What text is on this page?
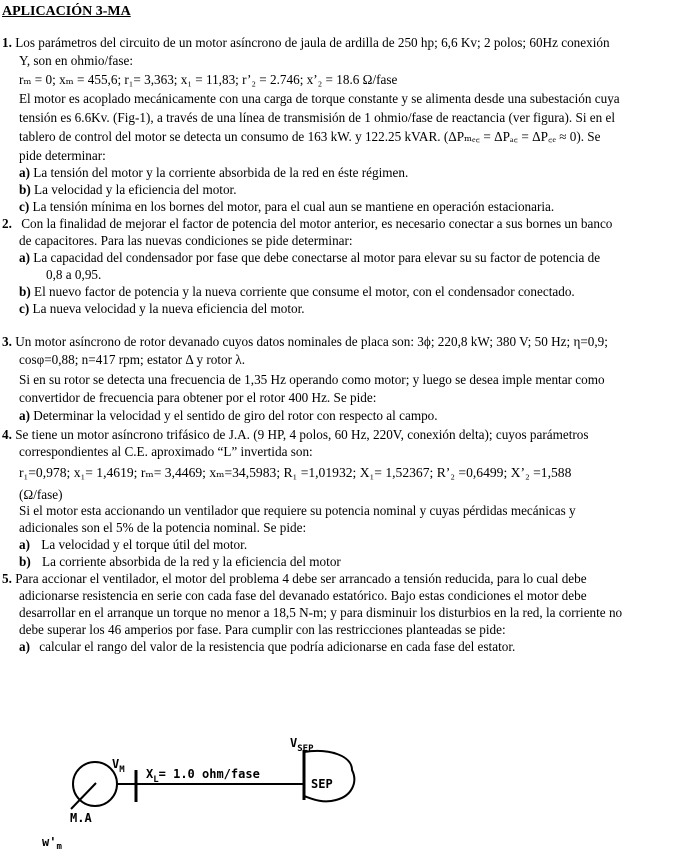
APLICACIÓN 3-MA
1. Los parámetros del circuito de un motor asíncrono de jaula de ardilla de 250 hp; 6,6 Kv; 2 polos; 60Hz conexión
Y, son en ohmio/fase:
rₘ = 0; xₘ = 455,6; r₁= 3,363; x₁ = 11,83; r’₂ = 2.746; x’₂ = 18.6 Ω/fase
El motor es acoplado mecánicamente con una carga de torque constante y se alimenta desde una subestación cuya
tensión es 6.6Kv. (Fig-1), a través de una línea de transmisión de 1 ohmio/fase de reactancia (ver figura). Si en el
tablero de control del motor se detecta un consumo de 163 kW. y 122.25 kVAR. (ΔPₘₑ꜀ = ΔPₐ꜀ = ΔP꜀ₑ ≈ 0). Se
pide determinar:
a) La tensión del motor y la corriente absorbida de la red en éste régimen.
b) La velocidad y la eficiencia del motor.
c) La tensión mínima en los bornes del motor, para el cual aun se mantiene en operación estacionaria.
2. Con la finalidad de mejorar el factor de potencia del motor anterior, es necesario conectar a sus bornes un banco
de capacitores. Para las nuevas condiciones se pide determinar:
a) La capacidad del condensador por fase que debe conectarse al motor para elevar su su factor de potencia de
0,8 a 0,95.
b) El nuevo factor de potencia y la nueva corriente que consume el motor, con el condensador conectado.
c) La nueva velocidad y la nueva eficiencia del motor.
3. Un motor asíncrono de rotor devanado cuyos datos nominales de placa son: 3ϕ; 220,8 kW; 380 V; 50 Hz; η=0,9;
cosφ=0,88; n=417 rpm; estator Δ y rotor λ.
Si en su rotor se detecta una frecuencia de 1,35 Hz operando como motor; y luego se desea imple mentar como
convertidor de frecuencia para obtener por el rotor 400 Hz. Se pide:
a) Determinar la velocidad y el sentido de giro del rotor con respecto al campo.
4. Se tiene un motor asíncrono trifásico de J.A. (9 HP, 4 polos, 60 Hz, 220V, conexión delta); cuyos parámetros
correspondientes al C.E. aproximado “L” invertida son:
r₁=0,978; x₁= 1,4619; rₘ= 3,4469; xₘ=34,5983; R₁ =1,01932; X₁= 1,52367; R’₂ =0,6499; X’₂ =1,588
(Ω/fase)
Si el motor esta accionando un ventilador que requiere su potencia nominal y cuyas pérdidas mecánicas y
adicionales son el 5% de la potencia nominal. Se pide:
a) La velocidad y el torque útil del motor.
b) La corriente absorbida de la red y la eficiencia del motor
5. Para accionar el ventilador, el motor del problema 4 debe ser arrancado a tensión reducida, para lo cual debe
adicionarse resistencia en serie con cada fase del devanado estatórico. Bajo estas condiciones el motor debe
desarrollar en el arranque un torque no menor a 18,5 N-m; y para disminuir los disturbios en la red, la corriente no
debe superar los 46 amperios por fase. Para cumplir con las restricciones planteadas se pide:
a) calcular el rango del valor de la resistencia que podría adicionarse en cada fase del estator.
$V_M$ $X_L= 1.0$ ohm/fase
$V_{SEP}$
SEP
M.A
$w'_m$
